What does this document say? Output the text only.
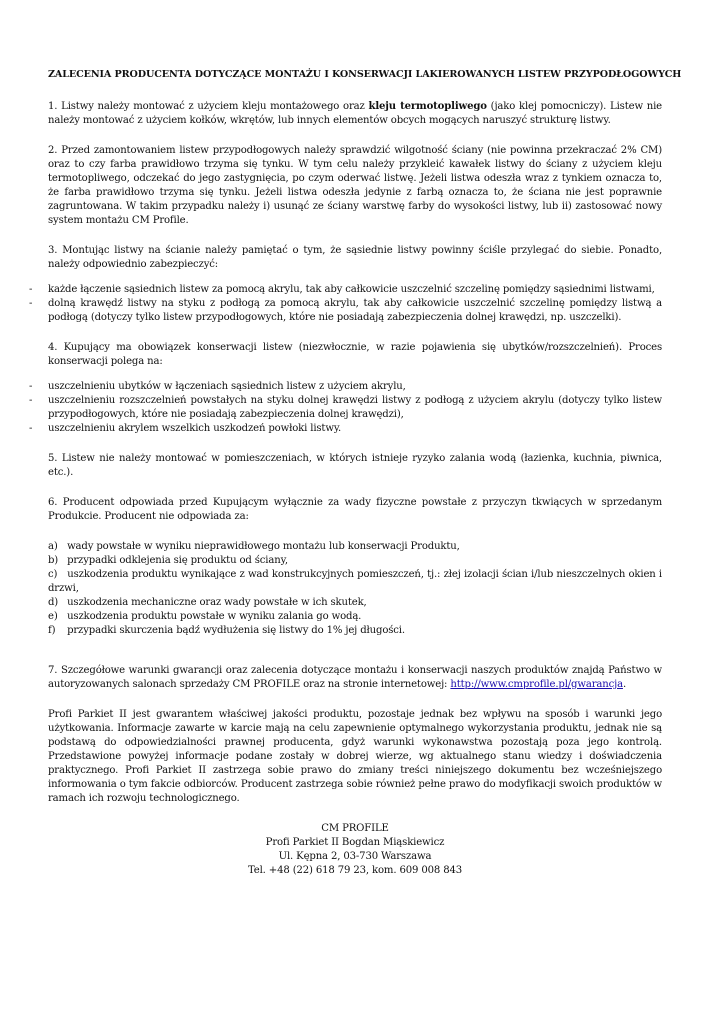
ZALECENIA PRODUCENTA DOTYCZĄCE MONTAŻU I KONSERWACJI LAKIEROWANYCH LISTEW PRZYPODŁOGOWYCH

1. Listwy należy montować z użyciem kleju montażowego oraz kleju termotopliwego (jako klej pomocniczy). Listew nie należy montować z użyciem kołków, wkrętów, lub innych elementów obcych mogących naruszyć strukturę listwy.

2. Przed zamontowaniem listew przypodłogowych należy sprawdzić wilgotność ściany (nie powinna przekraczać 2% CM) oraz to czy farba prawidłowo trzyma się tynku. W tym celu należy przykleić kawałek listwy do ściany z użyciem kleju termotopliwego, odczekać do jego zastygnięcia, po czym oderwać listwę. Jeżeli listwa odeszła wraz z tynkiem oznacza to, że farba prawidłowo trzyma się tynku. Jeżeli listwa odeszła jedynie z farbą oznacza to, że ściana nie jest poprawnie zagruntowana. W takim przypadku należy i) usunąć ze ściany warstwę farby do wysokości listwy, lub ii) zastosować nowy system montażu CM Profile.

3. Montując listwy na ścianie należy pamiętać o tym, że sąsiednie listwy powinny ściśle przylegać do siebie. Ponadto, należy odpowiednio zabezpieczyć:

- każde łączenie sąsiednich listew za pomocą akrylu, tak aby całkowicie uszczelnić szczelinę pomiędzy sąsiednimi listwami,
- dolną krawędź listwy na styku z podłogą za pomocą akrylu, tak aby całkowicie uszczelnić szczelinę pomiędzy listwą a podłogą (dotyczy tylko listew przypodłogowych, które nie posiadają zabezpieczenia dolnej krawędzi, np. uszczelki).

4. Kupujący ma obowiązek konserwacji listew (niezwłocznie, w razie pojawienia się ubytków/rozszczelnień). Proces konserwacji polega na:

- uszczelnieniu ubytków w łączeniach sąsiednich listew z użyciem akrylu,
- uszczelnieniu rozszczelnień powstałych na styku dolnej krawędzi listwy z podłogą z użyciem akrylu (dotyczy tylko listew przypodłogowych, które nie posiadają zabezpieczenia dolnej krawędzi),
- uszczelnieniu akrylem wszelkich uszkodzeń powłoki listwy.

5. Listew nie należy montować w pomieszczeniach, w których istnieje ryzyko zalania wodą (łazienka, kuchnia, piwnica, etc.).

6. Producent odpowiada przed Kupującym wyłącznie za wady fizyczne powstałe z przyczyn tkwiących w sprzedanym Produkcie. Producent nie odpowiada za:

a) wady powstałe w wyniku nieprawidłowego montażu lub konserwacji Produktu,
b) przypadki odklejenia się produktu od ściany,
c) uszkodzenia produktu wynikające z wad konstrukcyjnych pomieszczeń, tj.: złej izolacji ścian i/lub nieszczelnych okien i drzwi,
d) uszkodzenia mechaniczne oraz wady powstałe w ich skutek,
e) uszkodzenia produktu powstałe w wyniku zalania go wodą.
f) przypadki skurczenia bądź wydłużenia się listwy do 1% jej długości.

7. Szczegółowe warunki gwarancji oraz zalecenia dotyczące montażu i konserwacji naszych produktów znajdą Państwo w autoryzowanych salonach sprzedaży CM PROFILE oraz na stronie internetowej: http://www.cmprofile.pl/gwarancja.

Profi Parkiet II jest gwarantem właściwej jakości produktu, pozostaje jednak bez wpływu na sposób i warunki jego użytkowania. Informacje zawarte w karcie mają na celu zapewnienie optymalnego wykorzystania produktu, jednak nie są podstawą do odpowiedzialności prawnej producenta, gdyż warunki wykonawstwa pozostają poza jego kontrolą. Przedstawione powyżej informacje podane zostały w dobrej wierze, wg aktualnego stanu wiedzy i doświadczenia praktycznego. Profi Parkiet II zastrzega sobie prawo do zmiany treści niniejszego dokumentu bez wcześniejszego informowania o tym fakcie odbiorców. Producent zastrzega sobie również pełne prawo do modyfikacji swoich produktów w ramach ich rozwoju technologicznego.

CM PROFILE
Profi Parkiet II Bogdan Miąskiewicz
Ul. Kępna 2, 03-730 Warszawa
Tel. +48 (22) 618 79 23, kom. 609 008 843
